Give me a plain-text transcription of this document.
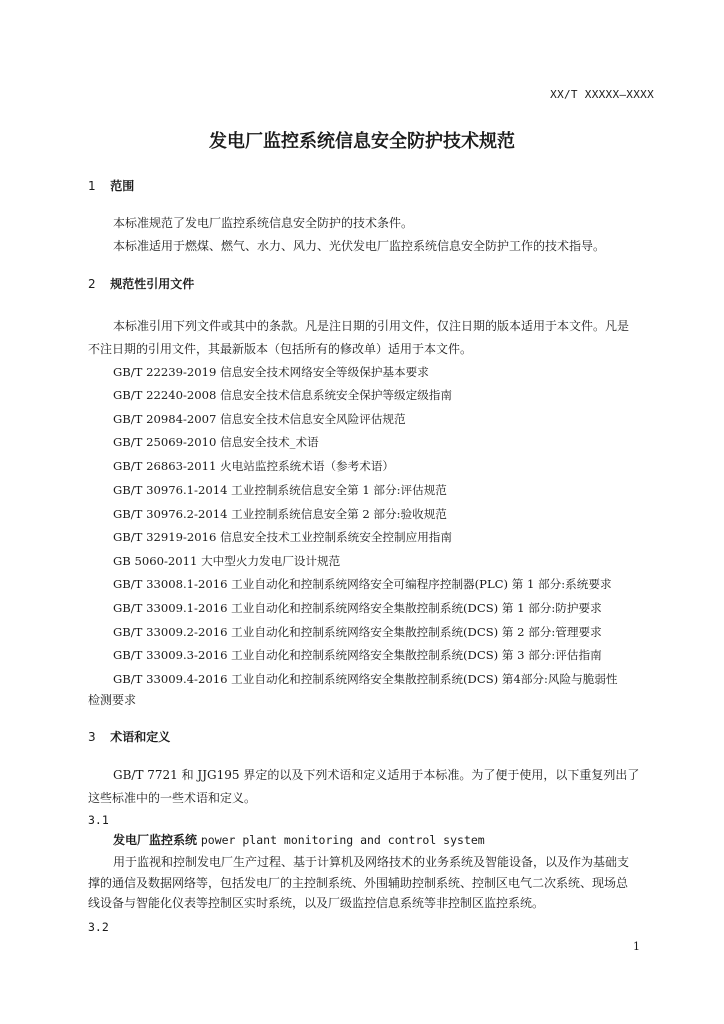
XX/T XXXXX—XXXX
发电厂监控系统信息安全防护技术规范
1 范围
本标准规范了发电厂监控系统信息安全防护的技术条件。
本标准适用于燃煤、燃气、水力、风力、光伏发电厂监控系统信息安全防护工作的技术指导。
2 规范性引用文件
本标准引用下列文件或其中的条款。凡是注日期的引用文件，仅注日期的版本适用于本文件。凡是
不注日期的引用文件，其最新版本（包括所有的修改单）适用于本文件。
GB/T 22239-2019 信息安全技术网络安全等级保护基本要求
GB/T 22240-2008 信息安全技术信息系统安全保护等级定级指南
GB/T 20984-2007 信息安全技术信息安全风险评估规范
GB/T 25069-2010 信息安全技术_术语
GB/T 26863-2011 火电站监控系统术语（参考术语）
GB/T 30976.1-2014 工业控制系统信息安全第 1 部分:评估规范
GB/T 30976.2-2014 工业控制系统信息安全第 2 部分:验收规范
GB/T 32919-2016 信息安全技术工业控制系统安全控制应用指南
GB 5060-2011 大中型火力发电厂设计规范
GB/T 33008.1-2016 工业自动化和控制系统网络安全可编程序控制器(PLC) 第 1 部分:系统要求
GB/T 33009.1-2016 工业自动化和控制系统网络安全集散控制系统(DCS) 第 1 部分:防护要求
GB/T 33009.2-2016 工业自动化和控制系统网络安全集散控制系统(DCS) 第 2 部分:管理要求
GB/T 33009.3-2016 工业自动化和控制系统网络安全集散控制系统(DCS) 第 3 部分:评估指南
GB/T 33009.4-2016 工业自动化和控制系统网络安全集散控制系统(DCS) 第4部分:风险与脆弱性
检测要求
3 术语和定义
GB/T 7721 和 JJG195 界定的以及下列术语和定义适用于本标准。为了便于使用，以下重复列出了
这些标准中的一些术语和定义。
3.1
发电厂监控系统 power plant monitoring and control system
用于监视和控制发电厂生产过程、基于计算机及网络技术的业务系统及智能设备，以及作为基础支
撑的通信及数据网络等，包括发电厂的主控制系统、外围辅助控制系统、控制区电气二次系统、现场总
线设备与智能化仪表等控制区实时系统，以及厂级监控信息系统等非控制区监控系统。
3.2
1
